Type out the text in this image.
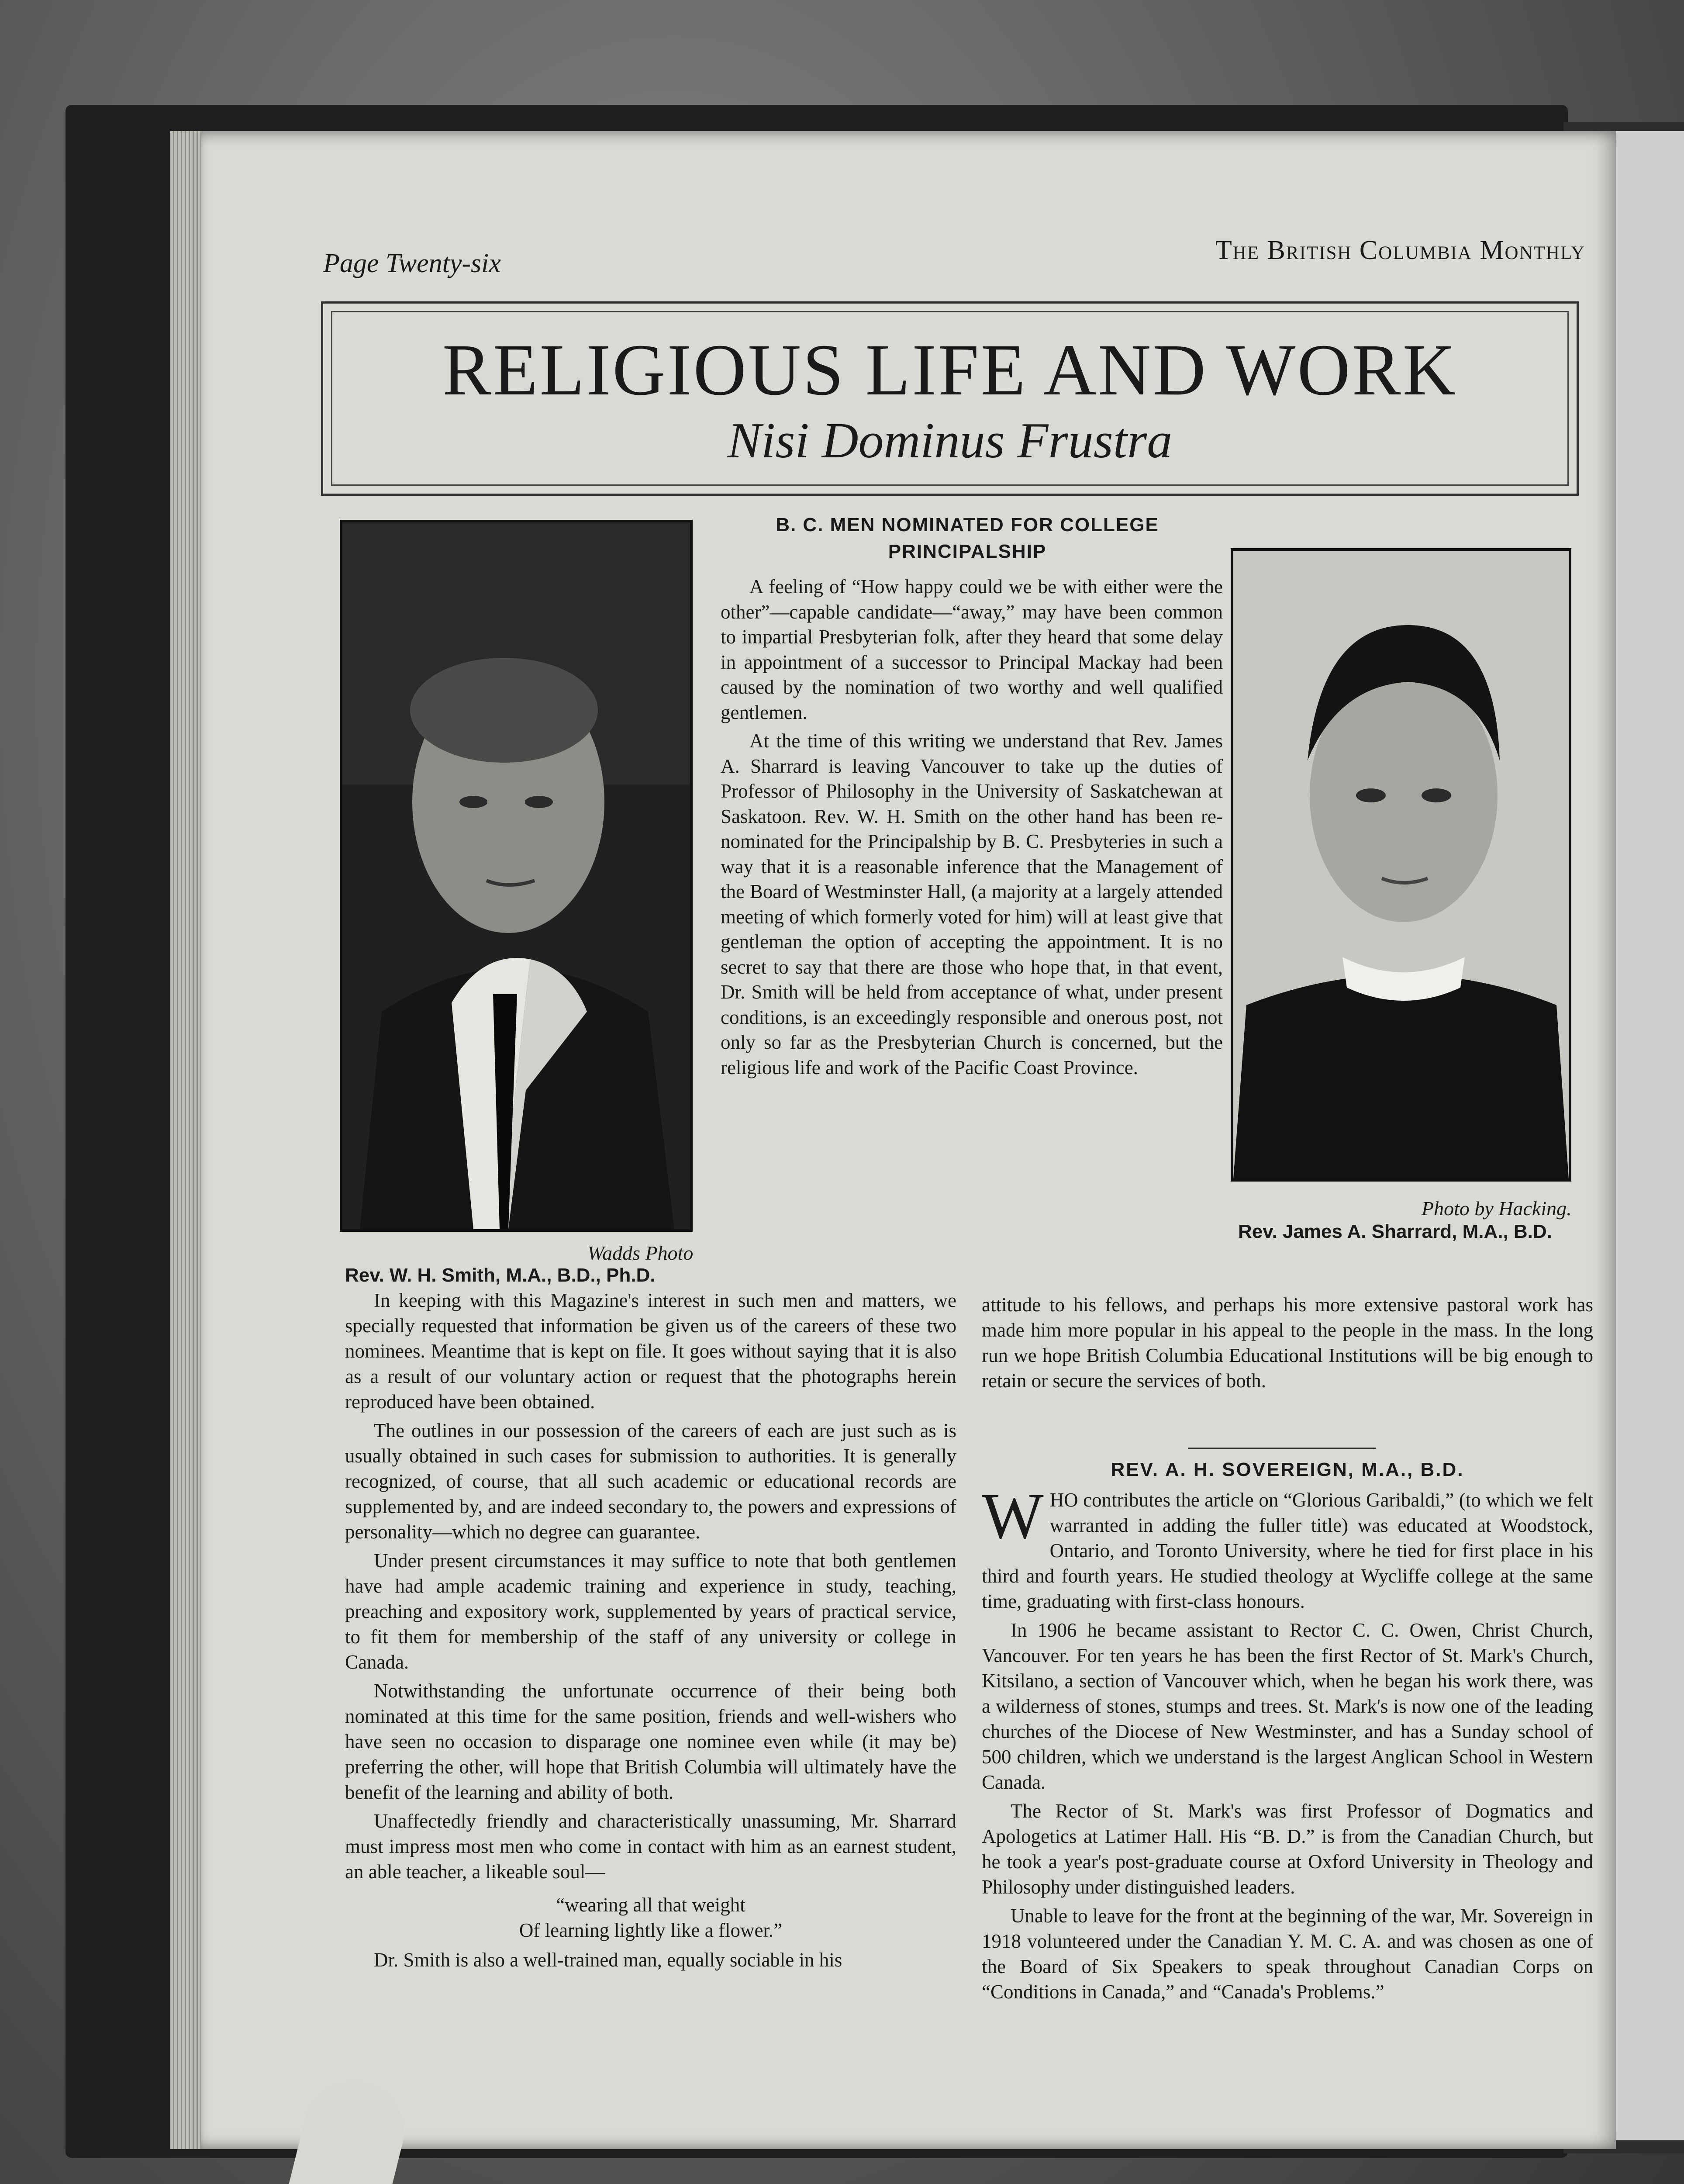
Page Twenty-six	The British Columbia Monthly
RELIGIOUS LIFE AND WORK
Nisi Dominus Frustra
Wadds Photo
Rev. W. H. Smith, M.A., B.D., Ph.D.
Photo by Hacking.
Rev. James A. Sharrard, M.A., B.D.
B. C. MEN NOMINATED FOR COLLEGE
PRINCIPALSHIP

A feeling of “How happy could we be with either were the other”—capable candidate—“away,” may have been common to impartial Presbyterian folk, after they heard that some delay in appointment of a successor to Principal Mackay had been caused by the nomination of two worthy and well qualified gentlemen.

At the time of this writing we understand that Rev. James A. Sharrard is leaving Vancouver to take up the duties of Professor of Philosophy in the University of Saskatchewan at Saskatoon. Rev. W. H. Smith on the other hand has been re-nominated for the Principalship by B. C. Presbyteries in such a way that it is a reasonable inference that the Management of the Board of Westminster Hall, (a majority at a largely attended meeting of which formerly voted for him) will at least give that gentleman the option of accepting the appointment. It is no secret to say that there are those who hope that, in that event, Dr. Smith will be held from acceptance of what, under present conditions, is an exceedingly responsible and onerous post, not only so far as the Presbyterian Church is concerned, but the religious life and work of the Pacific Coast Province.

In keeping with this Magazine's interest in such men and matters, we specially requested that information be given us of the careers of these two nominees. Meantime that is kept on file. It goes without saying that it is also as a result of our voluntary action or request that the photographs herein reproduced have been obtained.

The outlines in our possession of the careers of each are just such as is usually obtained in such cases for submission to authorities. It is generally recognized, of course, that all such academic or educational records are supplemented by, and are indeed secondary to, the powers and expressions of personality—which no degree can guarantee.

Under present circumstances it may suffice to note that both gentlemen have had ample academic training and experience in study, teaching, preaching and expository work, supplemented by years of practical service, to fit them for membership of the staff of any university or college in Canada.

Notwithstanding the unfortunate occurrence of their being both nominated at this time for the same position, friends and well-wishers who have seen no occasion to disparage one nominee even while (it may be) preferring the other, will hope that British Columbia will ultimately have the benefit of the learning and ability of both.

Unaffectedly friendly and characteristically unassuming, Mr. Sharrard must impress most men who come in contact with him as an earnest student, an able teacher, a likeable soul—

“wearing all that weight
Of learning lightly like a flower.”

Dr. Smith is also a well-trained man, equally sociable in his

attitude to his fellows, and perhaps his more extensive pastoral work has made him more popular in his appeal to the people in the mass. In the long run we hope British Columbia Educational Institutions will be big enough to retain or secure the services of both.

REV. A. H. SOVEREIGN, M.A., B.D.

WHO contributes the article on “Glorious Garibaldi,” (to which we felt warranted in adding the fuller title) was educated at Woodstock, Ontario, and Toronto University, where he tied for first place in his third and fourth years. He studied theology at Wycliffe college at the same time, graduating with first-class honours.

In 1906 he became assistant to Rector C. C. Owen, Christ Church, Vancouver. For ten years he has been the first Rector of St. Mark's Church, Kitsilano, a section of Vancouver which, when he began his work there, was a wilderness of stones, stumps and trees. St. Mark's is now one of the leading churches of the Diocese of New Westminster, and has a Sunday school of 500 children, which we understand is the largest Anglican School in Western Canada.

The Rector of St. Mark's was first Professor of Dogmatics and Apologetics at Latimer Hall. His “B. D.” is from the Canadian Church, but he took a year's post-graduate course at Oxford University in Theology and Philosophy under distinguished leaders.

Unable to leave for the front at the beginning of the war, Mr. Sovereign in 1918 volunteered under the Canadian Y. M. C. A. and was chosen as one of the Board of Six Speakers to speak throughout Canadian Corps on “Conditions in Canada,” and “Canada's Problems.”
